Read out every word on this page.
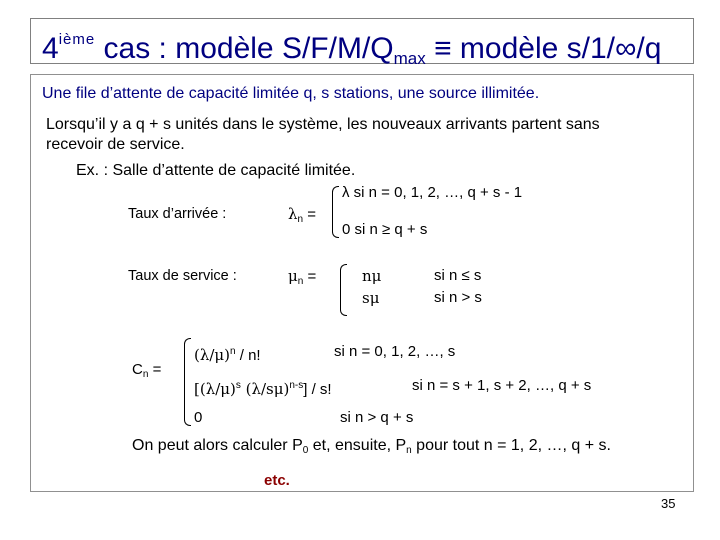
4ième cas : modèle $S/F/M/Q_{max}$ ≡ modèle s/1/∞/q
Une file d’attente de capacité limitée q, s stations, une source illimitée.
Lorsqu’il y a q + s unités dans le système, les nouveaux arrivants partent sans
recevoir de service.
Ex. : Salle d’attente de capacité limitée.
Taux d’arrivée :	$\lambda_n$ =
λ si n = 0, 1, 2, …, q + s - 1
0 si n ≥ q + s
Taux de service :	$\mu_n$ =	nμ	si n ≤ s
sμ	si n > s
$C_n$ =
$(\lambda/\mu)^n$ / n!	si n = 0, 1, 2, …, s
[$(\lambda/\mu)^s$ $(\lambda/s\mu)^{n-s}$] / s!	si n = s + 1, s + 2, …, q + s
0	si n > q + s
On peut alors calculer $P_0$ et, ensuite, $P_n$ pour tout n = 1, 2, …, q + s.
etc.
35
